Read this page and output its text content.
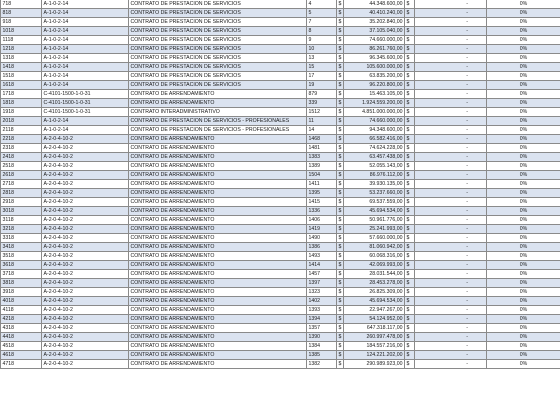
718	A-1-0-2-14	CONTRATO DE PRESTACION DE SERVICIOS	4	$	44.348.600,00	$	-	0%
818	A-1-0-2-14	CONTRATO DE PRESTACION DE SERVICIOS	5	$	40.410.240,00	$	-	0%
918	A-1-0-2-14	CONTRATO DE PRESTACION DE SERVICIOS	7	$	35.202.840,00	$	-	0%
1018	A-1-0-2-14	CONTRATO DE PRESTACION DE SERVICIOS	8	$	37.105.040,00	$	-	0%
1118	A-1-0-2-14	CONTRATO DE PRESTACION DE SERVICIOS	9	$	74.660.000,00	$	-	0%
1218	A-1-0-2-14	CONTRATO DE PRESTACION DE SERVICIOS	10	$	86.261.760,00	$	-	0%
1318	A-1-0-2-14	CONTRATO DE PRESTACION DE SERVICIOS	13	$	96.345.600,00	$	-	0%
1418	A-1-0-2-14	CONTRATO DE PRESTACION DE SERVICIOS	15	$	105.600.000,00	$	-	0%
1518	A-1-0-2-14	CONTRATO DE PRESTACION DE SERVICIOS	17	$	63.835.200,00	$	-	0%
1618	A-1-0-2-14	CONTRATO DE PRESTACION DE SERVICIOS	19	$	96.220.800,00	$	-	0%
1718	C-4101-1500-1-0-31	CONTRATO DE ARRENDAMIENTO	879	$	15.463.105,00	$	-	0%
1818	C-4101-1500-1-0-31	CONTRATO DE ARRENDAMIENTO	339	$	1.924.559.200,00	$	-	0%
1918	C-4101-1500-1-0-31	CONTRATO INTERADMINISTRATIVO	1512	$	4.851.000.000,00	$	-	0%
2018	A-1-0-2-14	CONTRATO DE PRESTACION DE SERVICIOS - PROFESIONALES	11	$	74.660.000,00	$	-	0%
2118	A-1-0-2-14	CONTRATO DE PRESTACION DE SERVICIOS - PROFESIONALES	14	$	94.348.600,00	$	-	0%
2218	A-2-0-4-10-2	CONTRATO DE ARRENDAMIENTO	1468	$	66.582.416,00	$	-	0%
2318	A-2-0-4-10-2	CONTRATO DE ARRENDAMIENTO	1481	$	74.624.228,00	$	-	0%
2418	A-2-0-4-10-2	CONTRATO DE ARRENDAMIENTO	1383	$	63.457.438,00	$	-	0%
2518	A-2-0-4-10-2	CONTRATO DE ARRENDAMIENTO	1389	$	52.055.143,00	$	-	0%
2618	A-2-0-4-10-2	CONTRATO DE ARRENDAMIENTO	1504	$	86.976.112,00	$	-	0%
2718	A-2-0-4-10-2	CONTRATO DE ARRENDAMIENTO	1411	$	39.930.135,00	$	-	0%
2818	A-2-0-4-10-2	CONTRATO DE ARRENDAMIENTO	1395	$	53.237.660,00	$	-	0%
2918	A-2-0-4-10-2	CONTRATO DE ARRENDAMIENTO	1415	$	69.537.559,00	$	-	0%
3018	A-2-0-4-10-2	CONTRATO DE ARRENDAMIENTO	1336	$	45.694.534,00	$	-	0%
3118	A-2-0-4-10-2	CONTRATO DE ARRENDAMIENTO	1406	$	50.961.776,00	$	-	0%
3218	A-2-0-4-10-2	CONTRATO DE ARRENDAMIENTO	1419	$	25.241.993,00	$	-	0%
3318	A-2-0-4-10-2	CONTRATO DE ARRENDAMIENTO	1490	$	57.660.000,00	$	-	0%
3418	A-2-0-4-10-2	CONTRATO DE ARRENDAMIENTO	1386	$	81.060.942,00	$	-	0%
3518	A-2-0-4-10-2	CONTRATO DE ARRENDAMIENTO	1493	$	60.068.316,00	$	-	0%
3618	A-2-0-4-10-2	CONTRATO DE ARRENDAMIENTO	1414	$	42.069.993,00	$	-	0%
3718	A-2-0-4-10-2	CONTRATO DE ARRENDAMIENTO	1457	$	28.031.544,00	$	-	0%
3818	A-2-0-4-10-2	CONTRATO DE ARRENDAMIENTO	1397	$	28.453.278,00	$	-	0%
3918	A-2-0-4-10-2	CONTRATO DE ARRENDAMIENTO	1323	$	26.825.309,00	$	-	0%
4018	A-2-0-4-10-2	CONTRATO DE ARRENDAMIENTO	1402	$	45.694.534,00	$	-	0%
4118	A-2-0-4-10-2	CONTRATO DE ARRENDAMIENTO	1393	$	22.947.267,00	$	-	0%
4218	A-2-0-4-10-2	CONTRATO DE ARRENDAMIENTO	1394	$	54.124.952,00	$	-	0%
4318	A-2-0-4-10-2	CONTRATO DE ARRENDAMIENTO	1357	$	647.318.117,00	$	-	0%
4418	A-2-0-4-10-2	CONTRATO DE ARRENDAMIENTO	1390	$	260.997.478,00	$	-	0%
4518	A-2-0-4-10-2	CONTRATO DE ARRENDAMIENTO	1384	$	184.557.216,00	$	-	0%
4618	A-2-0-4-10-2	CONTRATO DE ARRENDAMIENTO	1385	$	124.221.202,00	$	-	0%
4718	A-2-0-4-10-2	CONTRATO DE ARRENDAMIENTO	1382	$	290.989.923,00	$	-	0%
